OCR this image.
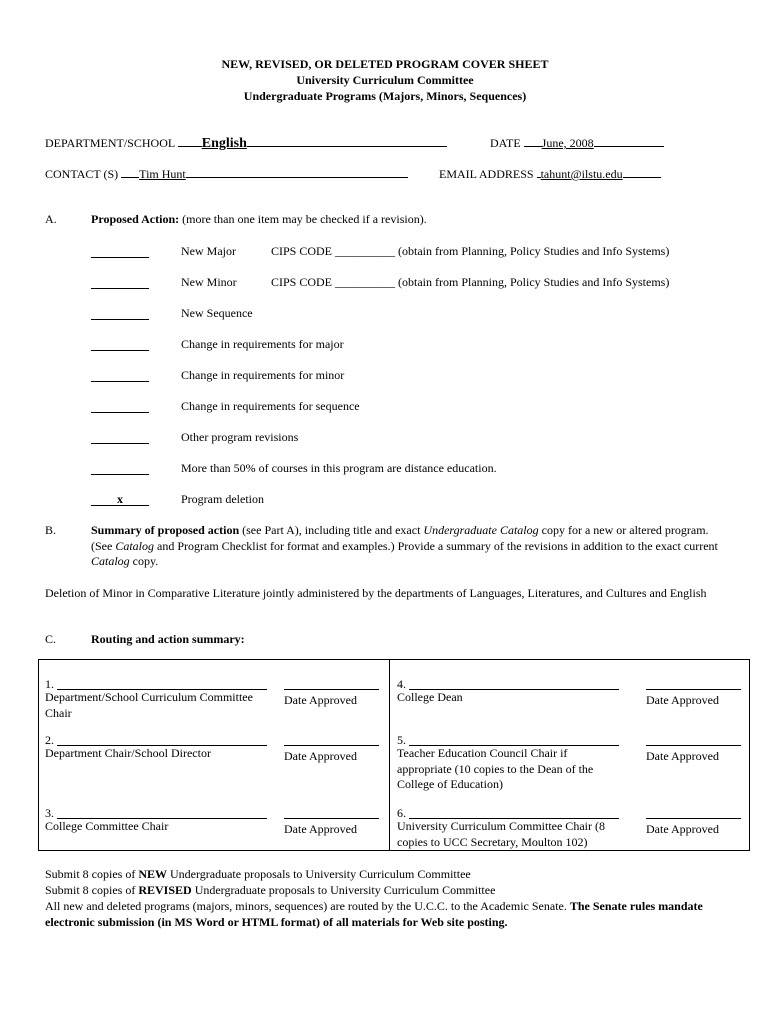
NEW, REVISED, OR DELETED PROGRAM COVER SHEET
University Curriculum Committee
Undergraduate Programs (Majors, Minors, Sequences)
DEPARTMENT/SCHOOL English	DATE June, 2008
CONTACT (S) Tim Hunt	EMAIL ADDRESS tahunt@ilstu.edu
A.	Proposed Action: (more than one item may be checked if a revision).
New Major	CIPS CODE __________ (obtain from Planning, Policy Studies and Info Systems)
New Minor	CIPS CODE __________ (obtain from Planning, Policy Studies and Info Systems)
New Sequence
Change in requirements for major
Change in requirements for minor
Change in requirements for sequence
Other program revisions
More than 50% of courses in this program are distance education.
x	Program deletion
B.	Summary of proposed action (see Part A), including title and exact Undergraduate Catalog copy for a new or altered program. (See Catalog and Program Checklist for format and examples.) Provide a summary of the revisions in addition to the exact current Catalog copy.
Deletion of Minor in Comparative Literature jointly administered by the departments of Languages, Literatures, and Cultures and English
C.	Routing and action summary:
1.
Department/School Curriculum Committee Chair
Date Approved
2.
Department Chair/School Director	Date Approved
3.
College Committee Chair	Date Approved
4.
College Dean	Date Approved
5.
Teacher Education Council Chair if appropriate (10 copies to the Dean of the College of Education)
Date Approved
6.
University Curriculum Committee Chair (8 copies to UCC Secretary, Moulton 102)
Date Approved
Submit 8 copies of NEW Undergraduate proposals to University Curriculum Committee
Submit 8 copies of REVISED Undergraduate proposals to University Curriculum Committee
All new and deleted programs (majors, minors, sequences) are routed by the U.C.C. to the Academic Senate. The Senate rules mandate electronic submission (in MS Word or HTML format) of all materials for Web site posting.
